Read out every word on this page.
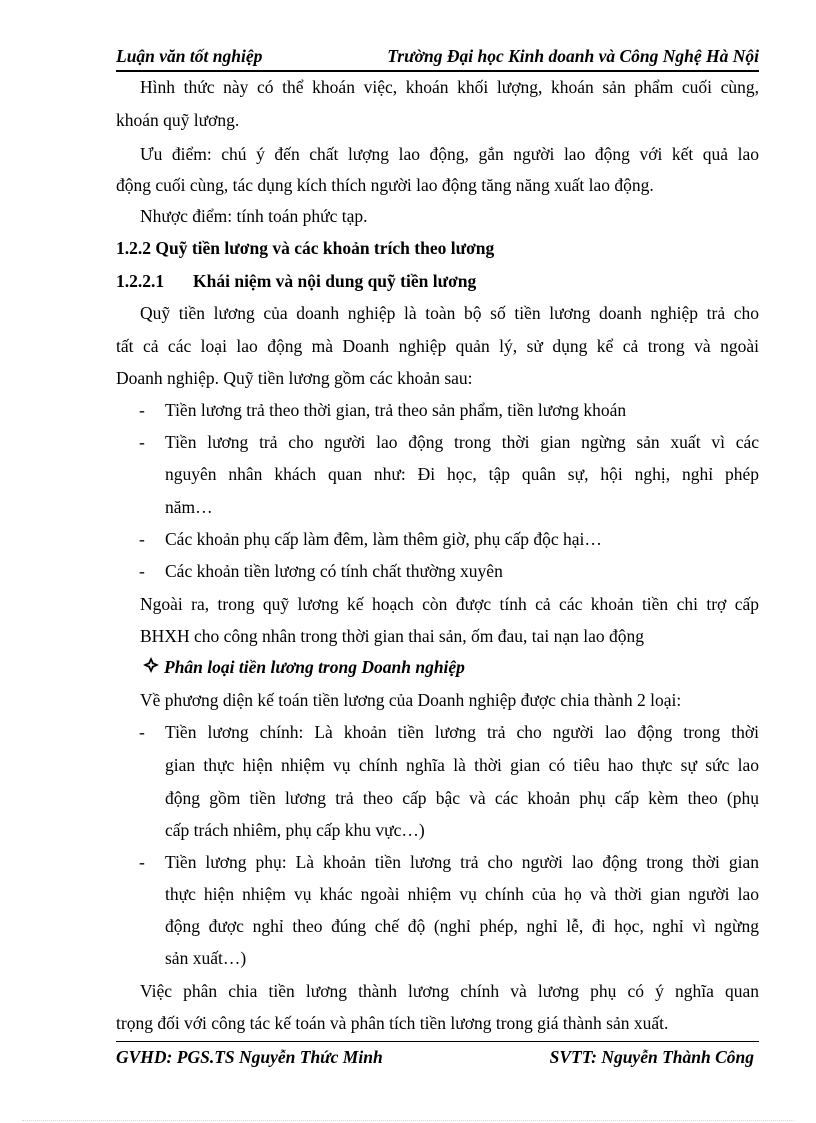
Luận văn tốt nghiệp	Trường Đại học Kinh doanh và Công Nghệ Hà Nội
Hình thức này có thể khoán việc, khoán khối lượng, khoán sản phẩm cuối cùng,
khoán quỹ lương.
Ưu điểm: chú ý đến chất lượng lao động, gắn người lao động với kết quả lao
động cuối cùng, tác dụng kích thích người lao động tăng năng xuất lao động.
Nhược điểm: tính toán phức tạp.
1.2.2 Quỹ tiền lương và các khoản trích theo lương
1.2.2.1 Khái niệm và nội dung quỹ tiền lương
Quỹ tiền lương của doanh nghiệp là toàn bộ số tiền lương doanh nghiệp trả cho
tất cả các loại lao động mà Doanh nghiệp quản lý, sử dụng kể cả trong và ngoài
Doanh nghiệp. Quỹ tiền lương gồm các khoản sau:
- Tiền lương trả theo thời gian, trả theo sản phẩm, tiền lương khoán
- Tiền lương trả cho người lao động trong thời gian ngừng sản xuất vì các
nguyên nhân khách quan như: Đi học, tập quân sự, hội nghị, nghỉ phép
năm…
- Các khoản phụ cấp làm đêm, làm thêm giờ, phụ cấp độc hại…
- Các khoản tiền lương có tính chất thường xuyên
Ngoài ra, trong quỹ lương kế hoạch còn được tính cả các khoản tiền chi trợ cấp
BHXH cho công nhân trong thời gian thai sản, ốm đau, tai nạn lao động
Phân loại tiền lương trong Doanh nghiệp
Về phương diện kế toán tiền lương của Doanh nghiệp được chia thành 2 loại:
- Tiền lương chính: Là khoản tiền lương trả cho người lao động trong thời
gian thực hiện nhiệm vụ chính nghĩa là thời gian có tiêu hao thực sự sức lao
động gồm tiền lương trả theo cấp bậc và các khoản phụ cấp kèm theo (phụ
cấp trách nhiêm, phụ cấp khu vực…)
- Tiền lương phụ: Là khoản tiền lương trả cho người lao động trong thời gian
thực hiện nhiệm vụ khác ngoài nhiệm vụ chính của họ và thời gian người lao
động được nghỉ theo đúng chế độ (nghỉ phép, nghỉ lễ, đi học, nghỉ vì ngừng
sản xuất…)
Việc phân chia tiền lương thành lương chính và lương phụ có ý nghĩa quan
trọng đối với công tác kế toán và phân tích tiền lương trong giá thành sản xuất.
GVHD: PGS.TS Nguyễn Thức Minh	SVTT: Nguyễn Thành Công
